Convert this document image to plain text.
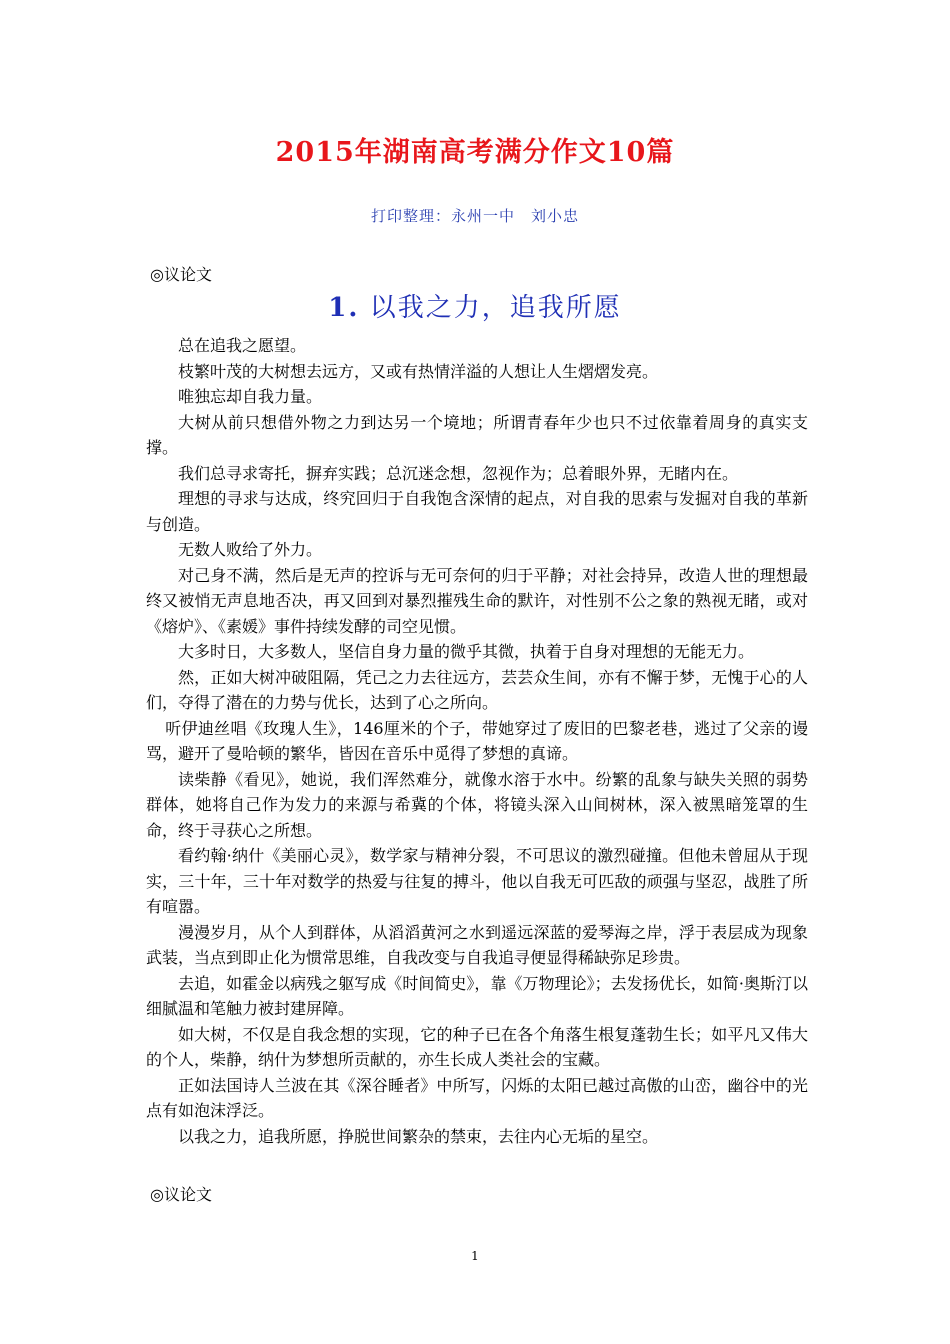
2015年湖南高考满分作文10篇
打印整理：永州一中　刘小忠
◎议论文
1. 以我之力，追我所愿

总在追我之愿望。

枝繁叶茂的大树想去远方，又或有热情洋溢的人想让人生熠熠发亮。

唯独忘却自我力量。

大树从前只想借外物之力到达另一个境地；所谓青春年少也只不过依靠着周身的真实支撑。

我们总寻求寄托，摒弃实践；总沉迷念想，忽视作为；总着眼外界，无睹内在。

理想的寻求与达成，终究回归于自我饱含深情的起点，对自我的思索与发掘对自我的革新与创造。

无数人败给了外力。

对己身不满，然后是无声的控诉与无可奈何的归于平静；对社会持异，改造人世的理想最终又被悄无声息地否决，再又回到对暴烈摧残生命的默许，对性别不公之象的熟视无睹，或对《熔炉》、《素媛》事件持续发酵的司空见惯。

大多时日，大多数人，坚信自身力量的微乎其微，执着于自身对理想的无能无力。

然，正如大树冲破阻隔，凭己之力去往远方，芸芸众生间，亦有不懈于梦，无愧于心的人们，夺得了潜在的力势与优长，达到了心之所向。

听伊迪丝唱《玫瑰人生》，146厘米的个子，带她穿过了废旧的巴黎老巷，逃过了父亲的谩骂，避开了曼哈顿的繁华，皆因在音乐中觅得了梦想的真谛。

读柴静《看见》，她说，我们浑然难分，就像水溶于水中。纷繁的乱象与缺失关照的弱势群体，她将自己作为发力的来源与希冀的个体，将镜头深入山间树林，深入被黑暗笼罩的生命，终于寻获心之所想。

看约翰·纳什《美丽心灵》，数学家与精神分裂，不可思议的激烈碰撞。但他未曾屈从于现实，三十年，三十年对数学的热爱与往复的搏斗，他以自我无可匹敌的顽强与坚忍，战胜了所有喧嚣。

漫漫岁月，从个人到群体，从滔滔黄河之水到遥远深蓝的爱琴海之岸，浮于表层成为现象武装，当点到即止化为惯常思维，自我改变与自我追寻便显得稀缺弥足珍贵。

去追，如霍金以病残之躯写成《时间简史》，靠《万物理论》；去发扬优长，如简·奥斯汀以细腻温和笔触力被封建屏障。

如大树，不仅是自我念想的实现，它的种子已在各个角落生根复蓬勃生长；如平凡又伟大的个人，柴静，纳什为梦想所贡献的，亦生长成人类社会的宝藏。

正如法国诗人兰波在其《深谷睡者》中所写，闪烁的太阳已越过高傲的山峦，幽谷中的光点有如泡沫浮泛。

以我之力，追我所愿，挣脱世间繁杂的禁束，去往内心无垢的星空。

◎议论文
1
